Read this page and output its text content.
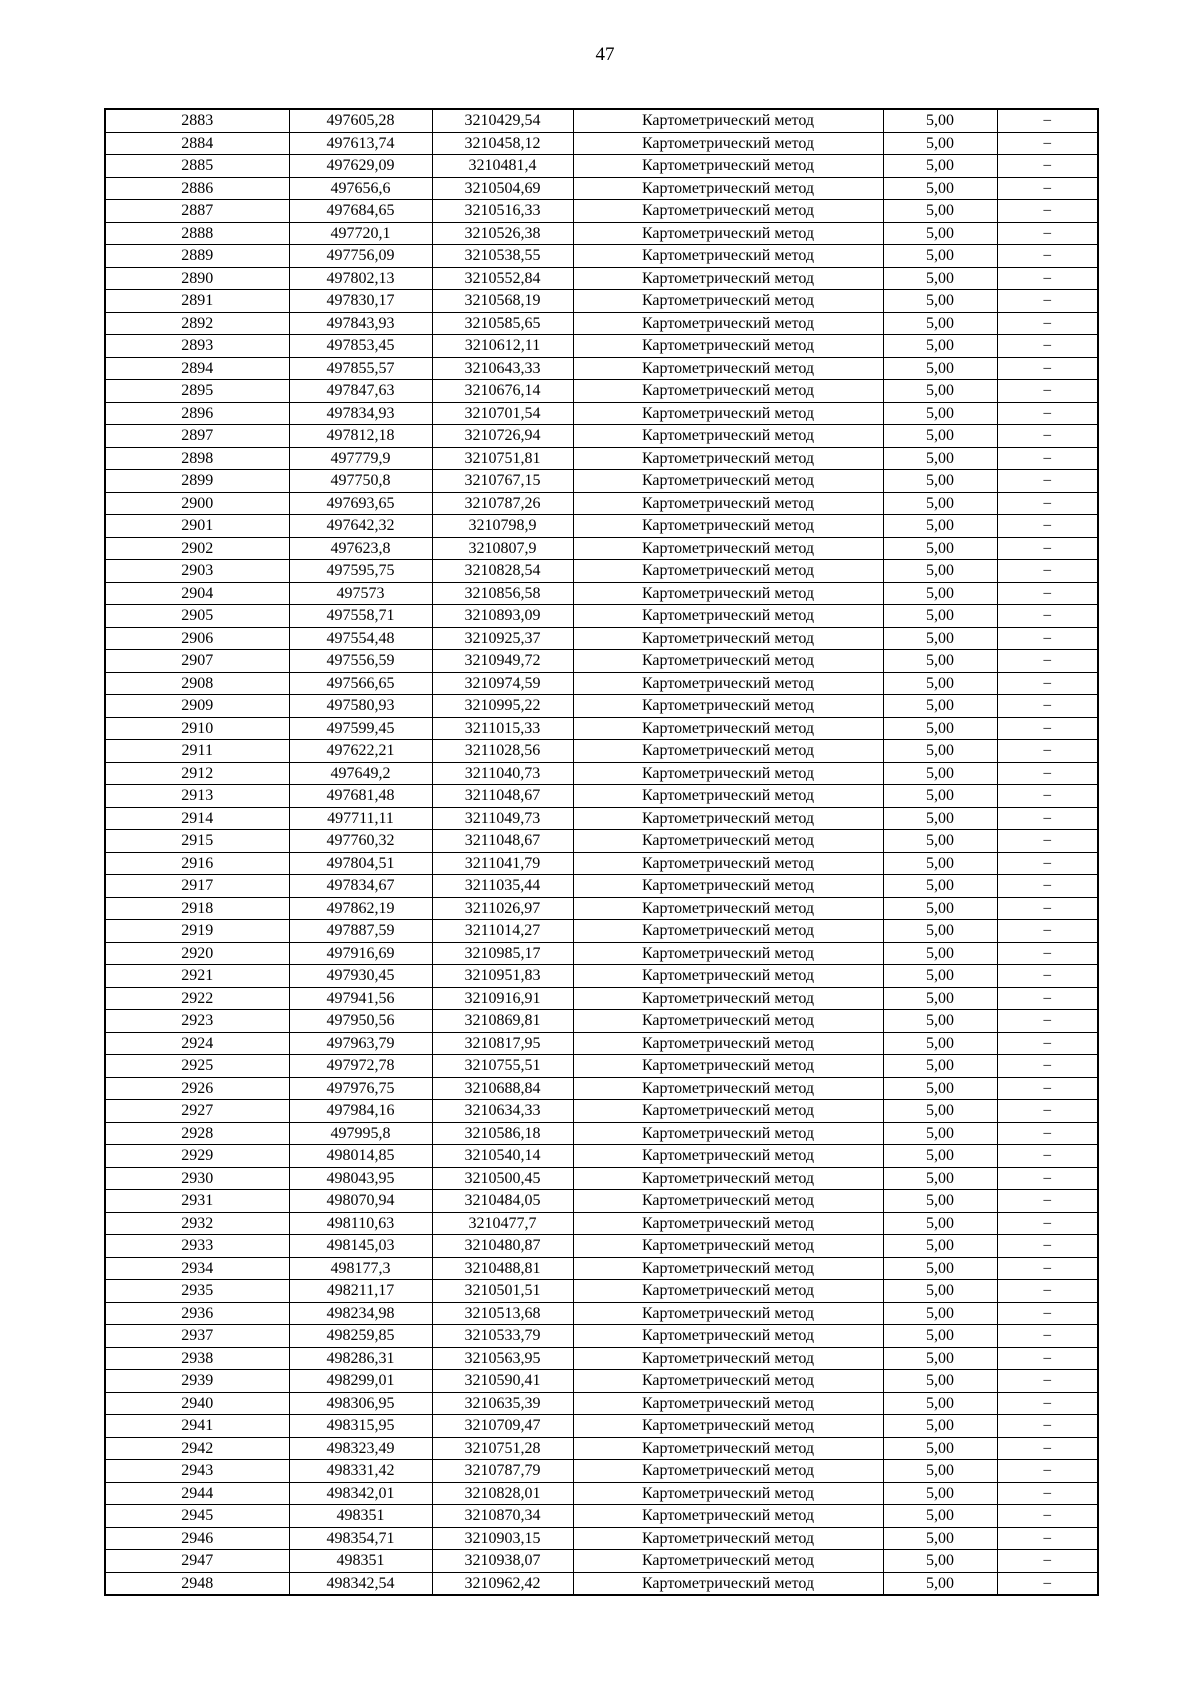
47
2883	497605,28	3210429,54	Картометрический метод	5,00	–
2884	497613,74	3210458,12	Картометрический метод	5,00	–
2885	497629,09	3210481,4	Картометрический метод	5,00	–
2886	497656,6	3210504,69	Картометрический метод	5,00	–
2887	497684,65	3210516,33	Картометрический метод	5,00	–
2888	497720,1	3210526,38	Картометрический метод	5,00	–
2889	497756,09	3210538,55	Картометрический метод	5,00	–
2890	497802,13	3210552,84	Картометрический метод	5,00	–
2891	497830,17	3210568,19	Картометрический метод	5,00	–
2892	497843,93	3210585,65	Картометрический метод	5,00	–
2893	497853,45	3210612,11	Картометрический метод	5,00	–
2894	497855,57	3210643,33	Картометрический метод	5,00	–
2895	497847,63	3210676,14	Картометрический метод	5,00	–
2896	497834,93	3210701,54	Картометрический метод	5,00	–
2897	497812,18	3210726,94	Картометрический метод	5,00	–
2898	497779,9	3210751,81	Картометрический метод	5,00	–
2899	497750,8	3210767,15	Картометрический метод	5,00	–
2900	497693,65	3210787,26	Картометрический метод	5,00	–
2901	497642,32	3210798,9	Картометрический метод	5,00	–
2902	497623,8	3210807,9	Картометрический метод	5,00	–
2903	497595,75	3210828,54	Картометрический метод	5,00	–
2904	497573	3210856,58	Картометрический метод	5,00	–
2905	497558,71	3210893,09	Картометрический метод	5,00	–
2906	497554,48	3210925,37	Картометрический метод	5,00	–
2907	497556,59	3210949,72	Картометрический метод	5,00	–
2908	497566,65	3210974,59	Картометрический метод	5,00	–
2909	497580,93	3210995,22	Картометрический метод	5,00	–
2910	497599,45	3211015,33	Картометрический метод	5,00	–
2911	497622,21	3211028,56	Картометрический метод	5,00	–
2912	497649,2	3211040,73	Картометрический метод	5,00	–
2913	497681,48	3211048,67	Картометрический метод	5,00	–
2914	497711,11	3211049,73	Картометрический метод	5,00	–
2915	497760,32	3211048,67	Картометрический метод	5,00	–
2916	497804,51	3211041,79	Картометрический метод	5,00	–
2917	497834,67	3211035,44	Картометрический метод	5,00	–
2918	497862,19	3211026,97	Картометрический метод	5,00	–
2919	497887,59	3211014,27	Картометрический метод	5,00	–
2920	497916,69	3210985,17	Картометрический метод	5,00	–
2921	497930,45	3210951,83	Картометрический метод	5,00	–
2922	497941,56	3210916,91	Картометрический метод	5,00	–
2923	497950,56	3210869,81	Картометрический метод	5,00	–
2924	497963,79	3210817,95	Картометрический метод	5,00	–
2925	497972,78	3210755,51	Картометрический метод	5,00	–
2926	497976,75	3210688,84	Картометрический метод	5,00	–
2927	497984,16	3210634,33	Картометрический метод	5,00	–
2928	497995,8	3210586,18	Картометрический метод	5,00	–
2929	498014,85	3210540,14	Картометрический метод	5,00	–
2930	498043,95	3210500,45	Картометрический метод	5,00	–
2931	498070,94	3210484,05	Картометрический метод	5,00	–
2932	498110,63	3210477,7	Картометрический метод	5,00	–
2933	498145,03	3210480,87	Картометрический метод	5,00	–
2934	498177,3	3210488,81	Картометрический метод	5,00	–
2935	498211,17	3210501,51	Картометрический метод	5,00	–
2936	498234,98	3210513,68	Картометрический метод	5,00	–
2937	498259,85	3210533,79	Картометрический метод	5,00	–
2938	498286,31	3210563,95	Картометрический метод	5,00	–
2939	498299,01	3210590,41	Картометрический метод	5,00	–
2940	498306,95	3210635,39	Картометрический метод	5,00	–
2941	498315,95	3210709,47	Картометрический метод	5,00	–
2942	498323,49	3210751,28	Картометрический метод	5,00	–
2943	498331,42	3210787,79	Картометрический метод	5,00	–
2944	498342,01	3210828,01	Картометрический метод	5,00	–
2945	498351	3210870,34	Картометрический метод	5,00	–
2946	498354,71	3210903,15	Картометрический метод	5,00	–
2947	498351	3210938,07	Картометрический метод	5,00	–
2948	498342,54	3210962,42	Картометрический метод	5,00	–
